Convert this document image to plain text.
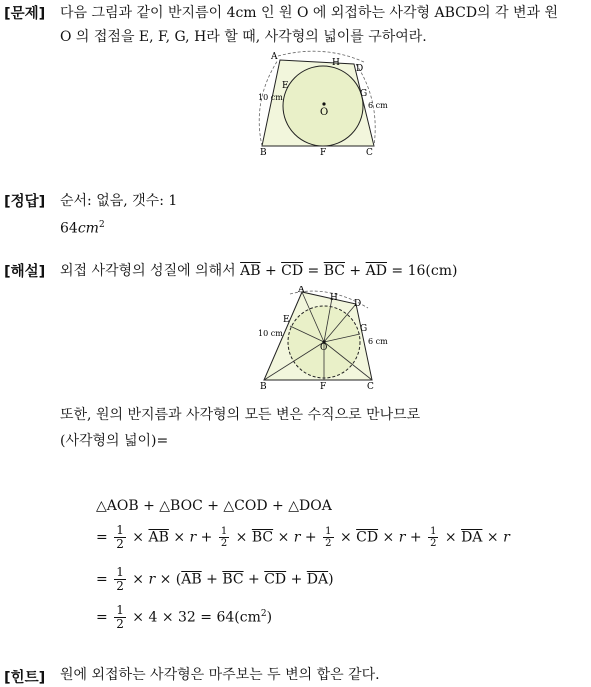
[문제] 다음 그림과 같이 반지름이 4cm 인 원 O 에 외접하는 사각형 ABCD의 각 변과 원
O 의 접점을 E, F, G, H라 할 때, 사각형의 넓이를 구하여라.
A
H
D
E
G
O
10 cm
6 cm
B	F	C
[정답] 순서: 없음, 갯수: 1
$64cm^2$
[해설] 외접 사각형의 성질에 의해서 $\overline{AB} + \overline{CD} = \overline{BC} + \overline{AD} = 16(cm)$
A
H
D
E
G
O
10 cm
6 cm
B	F	C
또한, 원의 반지름과 사각형의 모든 변은 수직으로 만나므로
(사각형의 넓이)=
△AOB + △BOC + △COD + △DOA
= $\frac{1}{2} \times \overline{AB} \times r + \frac{1}{2} \times \overline{BC} \times r + \frac{1}{2} \times \overline{CD} \times r + \frac{1}{2} \times \overline{DA} \times r$
= $\frac{1}{2} \times r \times (\overline{AB} + \overline{BC} + \overline{CD} + \overline{DA})$
= $\frac{1}{2} \times 4 \times 32 = 64(cm^2)$
[힌트] 원에 외접하는 사각형은 마주보는 두 변의 합은 같다.
